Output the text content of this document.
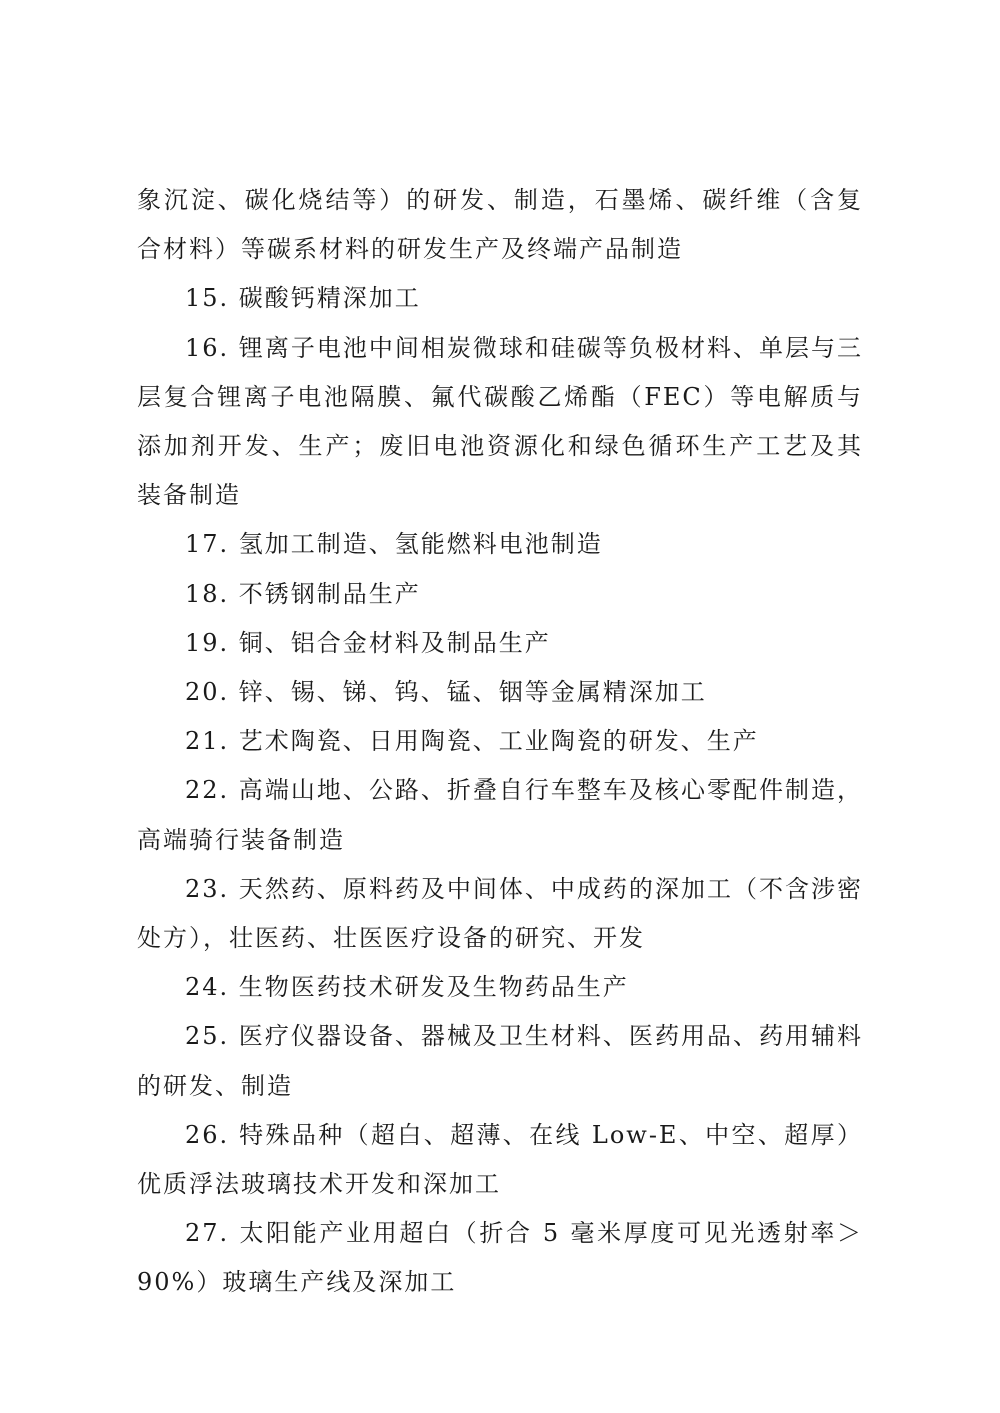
象沉淀、碳化烧结等）的研发、制造，石墨烯、碳纤维（含复合材料）等碳系材料的研发生产及终端产品制造

15. 碳酸钙精深加工

16. 锂离子电池中间相炭微球和硅碳等负极材料、单层与三层复合锂离子电池隔膜、氟代碳酸乙烯酯（FEC）等电解质与添加剂开发、生产；废旧电池资源化和绿色循环生产工艺及其装备制造

17. 氢加工制造、氢能燃料电池制造

18. 不锈钢制品生产

19. 铜、铝合金材料及制品生产

20. 锌、锡、锑、钨、锰、铟等金属精深加工

21. 艺术陶瓷、日用陶瓷、工业陶瓷的研发、生产

22. 高端山地、公路、折叠自行车整车及核心零配件制造，高端骑行装备制造

23. 天然药、原料药及中间体、中成药的深加工（不含涉密处方），壮医药、壮医医疗设备的研究、开发

24. 生物医药技术研发及生物药品生产

25. 医疗仪器设备、器械及卫生材料、医药用品、药用辅料的研发、制造

26. 特殊品种（超白、超薄、在线 Low-E、中空、超厚）优质浮法玻璃技术开发和深加工

27. 太阳能产业用超白（折合 5 毫米厚度可见光透射率＞90%）玻璃生产线及深加工
